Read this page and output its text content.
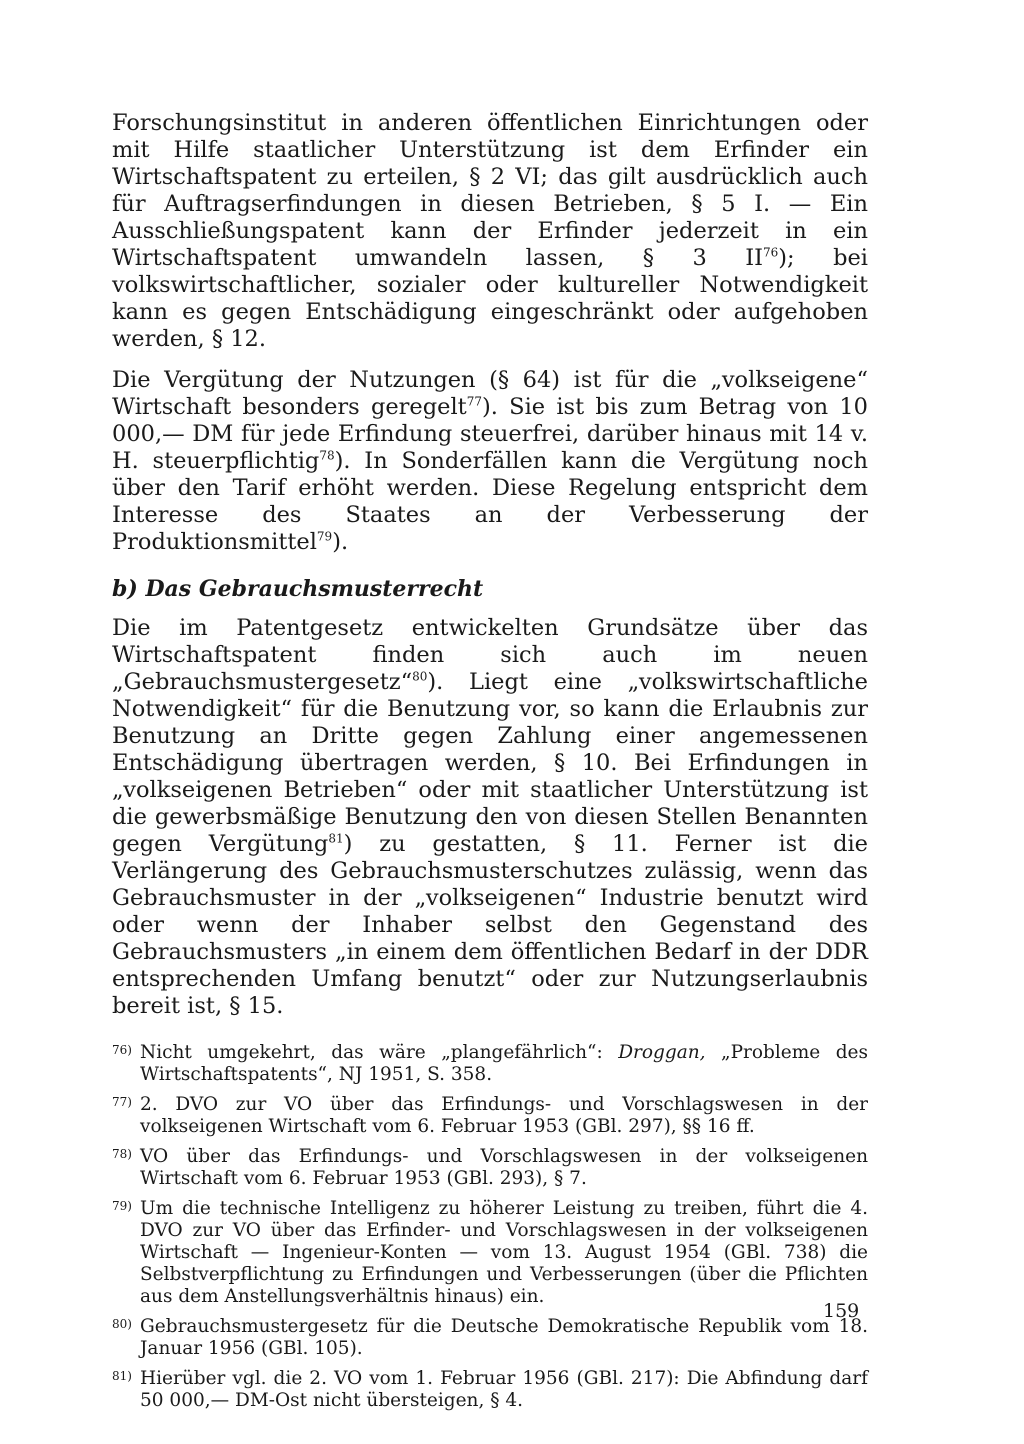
Forschungsinstitut in anderen öffentlichen Einrichtungen oder mit Hilfe staatlicher Unterstützung ist dem Erfinder ein Wirtschaftspatent zu erteilen, § 2 VI; das gilt ausdrücklich auch für Auftragserfindungen in diesen Betrieben, § 5 I. — Ein Ausschließungspatent kann der Erfinder jederzeit in ein Wirtschaftspatent umwandeln lassen, § 3 II$^{76}$); bei volkswirtschaftlicher, sozialer oder kultureller Notwendigkeit kann es gegen Entschädigung eingeschränkt oder aufgehoben werden, § 12.

Die Vergütung der Nutzungen (§ 64) ist für die „volkseigene“ Wirtschaft besonders geregelt$^{77}$). Sie ist bis zum Betrag von 10 000,— DM für jede Erfindung steuerfrei, darüber hinaus mit 14 v. H. steuerpflichtig$^{78}$). In Sonderfällen kann die Vergütung noch über den Tarif erhöht werden. Diese Regelung entspricht dem Interesse des Staates an der Verbesserung der Produktionsmittel$^{79}$).

b) Das Gebrauchsmusterrecht

Die im Patentgesetz entwickelten Grundsätze über das Wirtschaftspatent finden sich auch im neuen „Gebrauchsmustergesetz“$^{80}$). Liegt eine „volkswirtschaftliche Notwendigkeit“ für die Benutzung vor, so kann die Erlaubnis zur Benutzung an Dritte gegen Zahlung einer angemessenen Entschädigung übertragen werden, § 10. Bei Erfindungen in „volkseigenen Betrieben“ oder mit staatlicher Unterstützung ist die gewerbsmäßige Benutzung den von diesen Stellen Benannten gegen Vergütung$^{81}$) zu gestatten, § 11. Ferner ist die Verlängerung des Gebrauchsmusterschutzes zulässig, wenn das Gebrauchsmuster in der „volkseigenen“ Industrie benutzt wird oder wenn der Inhaber selbst den Gegenstand des Gebrauchsmusters „in einem dem öffentlichen Bedarf in der DDR entsprechenden Umfang benutzt“ oder zur Nutzungserlaubnis bereit ist, § 15.

76) Nicht umgekehrt, das wäre „plangefährlich“: Droggan, „Probleme des Wirtschaftspatents“, NJ 1951, S. 358.
77) 2. DVO zur VO über das Erfindungs- und Vorschlagswesen in der volkseigenen Wirtschaft vom 6. Februar 1953 (GBl. 297), §§ 16 ff.
78) VO über das Erfindungs- und Vorschlagswesen in der volkseigenen Wirtschaft vom 6. Februar 1953 (GBl. 293), § 7.
79) Um die technische Intelligenz zu höherer Leistung zu treiben, führt die 4. DVO zur VO über das Erfinder- und Vorschlagswesen in der volkseigenen Wirtschaft — Ingenieur-Konten — vom 13. August 1954 (GBl. 738) die Selbstverpflichtung zu Erfindungen und Verbesserungen (über die Pflichten aus dem Anstellungsverhältnis hinaus) ein.
80) Gebrauchsmustergesetz für die Deutsche Demokratische Republik vom 18. Januar 1956 (GBl. 105).
81) Hierüber vgl. die 2. VO vom 1. Februar 1956 (GBl. 217): Die Abfindung darf 50 000,— DM-Ost nicht übersteigen, § 4.
159
